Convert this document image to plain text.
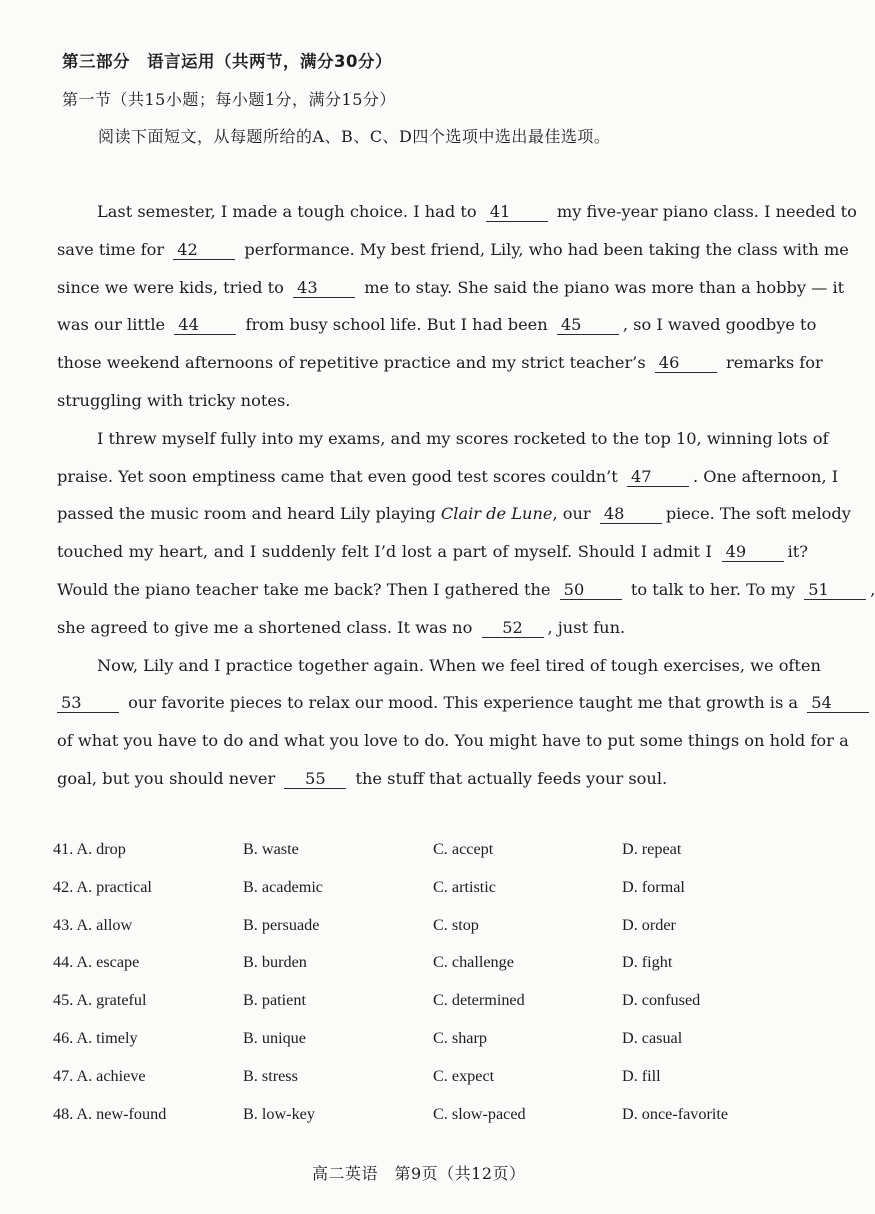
第三部分　语言运用（共两节，满分30分）
第一节（共15小题；每小题1分，满分15分）
阅读下面短文，从每题所给的A、B、C、D四个选项中选出最佳选项。
Last semester, I made a tough choice. I had to 41	my five-year piano class. I needed to
save time for 42	performance. My best friend, Lily, who had been taking the class with me
since we were kids, tried to 43	me to stay. She said the piano was more than a hobby — it
was our little 44	from busy school life. But I had been 45	, so I waved goodbye to
those weekend afternoons of repetitive practice and my strict teacher’s 46	remarks for
struggling with tricky notes.
I threw myself fully into my exams, and my scores rocketed to the top 10, winning lots of
praise. Yet soon emptiness came that even good test scores couldn’t 47	. One afternoon, I
passed the music room and heard Lily playing Clair de Lune, our 48	piece. The soft melody
touched my heart, and I suddenly felt I’d lost a part of myself. Should I admit I 49	it?
Would the piano teacher take me back? Then I gathered the 50	to talk to her. To my 51	,
she agreed to give me a shortened class. It was no 52 , just fun.
Now, Lily and I practice together again. When we feel tired of tough exercises, we often
53	our favorite pieces to relax our mood. This experience taught me that growth is a 54
of what you have to do and what you love to do. You might have to put some things on hold for a
goal, but you should never 55 the stuff that actually feeds your soul.
41. A. drop	B. waste	C. accept	D. repeat
42. A. practical	B. academic	C. artistic	D. formal
43. A. allow	B. persuade	C. stop	D. order
44. A. escape	B. burden	C. challenge	D. fight
45. A. grateful	B. patient	C. determined	D. confused
46. A. timely	B. unique	C. sharp	D. casual
47. A. achieve	B. stress	C. expect	D. fill
48. A. new-found	B. low-key	C. slow-paced	D. once-favorite
高二英语　第9页（共12页）
